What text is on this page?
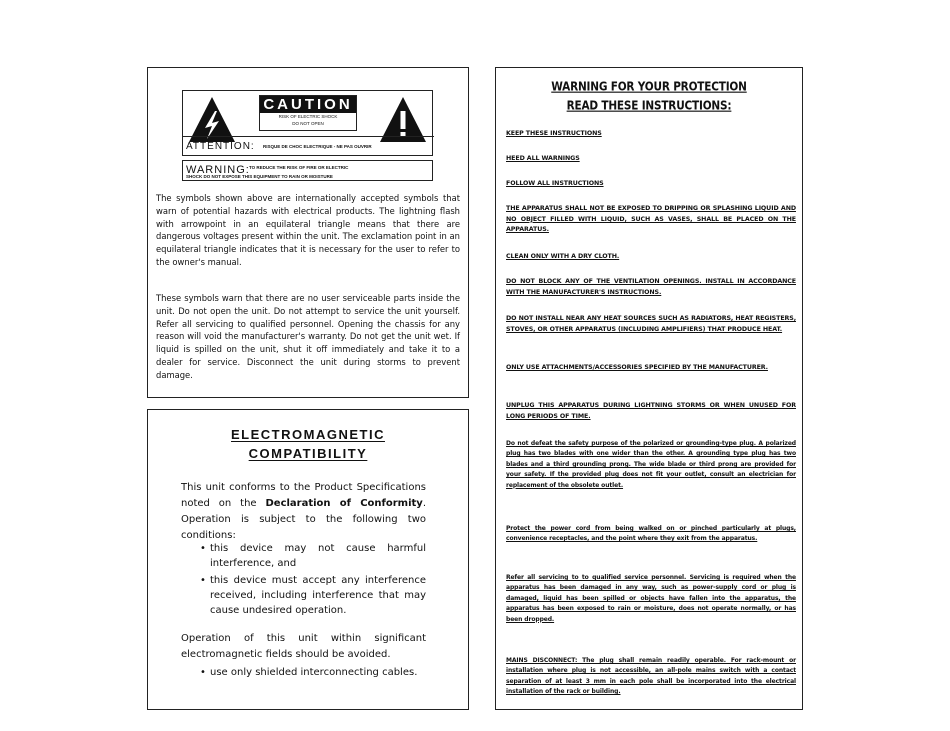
CAUTION
RISK OF ELECTRIC SHOCK
DO NOT OPEN
ATTENTION: RISQUE DE CHOC ELECTRIQUE - NE PAS OUVRIR
WARNING: TO REDUCE THE RISK OF FIRE OR ELECTRIC
SHOCK DO NOT EXPOSE THIS EQUIPMENT TO RAIN OR MOISTURE

The symbols shown above are internationally accepted symbols that warn of potential hazards with electrical products. The lightning flash with arrowpoint in an equilateral triangle means that there are dangerous voltages present within the unit. The exclamation point in an equilateral triangle indicates that it is necessary for the user to refer to the owner's manual.

These symbols warn that there are no user serviceable parts inside the unit. Do not open the unit. Do not attempt to service the unit yourself. Refer all servicing to qualified personnel. Opening the chassis for any reason will void the manufacturer's warranty. Do not get the unit wet. If liquid is spilled on the unit, shut it off immediately and take it to a dealer for service. Disconnect the unit during storms to prevent damage.

ELECTROMAGNETIC
COMPATIBILITY

This unit conforms to the Product Specifications noted on the Declaration of Conformity. Operation is subject to the following two conditions:

• this device may not cause harmful interference, and
• this device must accept any interference received, including interference that may cause undesired operation.

Operation of this unit within significant electromagnetic fields should be avoided.

• use only shielded interconnecting cables.
WARNING FOR YOUR PROTECTION
READ THESE INSTRUCTIONS:

KEEP THESE INSTRUCTIONS

HEED ALL WARNINGS

FOLLOW ALL INSTRUCTIONS

THE APPARATUS SHALL NOT BE EXPOSED TO DRIPPING OR SPLASHING LIQUID AND NO OBJECT FILLED WITH LIQUID, SUCH AS VASES, SHALL BE PLACED ON THE APPARATUS.

CLEAN ONLY WITH A DRY CLOTH.

DO NOT BLOCK ANY OF THE VENTILATION OPENINGS. INSTALL IN ACCORDANCE WITH THE MANUFACTURER'S INSTRUCTIONS.

DO NOT INSTALL NEAR ANY HEAT SOURCES SUCH AS RADIATORS, HEAT REGISTERS, STOVES, OR OTHER APPARATUS (INCLUDING AMPLIFIERS) THAT PRODUCE HEAT.

ONLY USE ATTACHMENTS/ACCESSORIES SPECIFIED BY THE MANUFACTURER.

UNPLUG THIS APPARATUS DURING LIGHTNING STORMS OR WHEN UNUSED FOR LONG PERIODS OF TIME.

Do not defeat the safety purpose of the polarized or grounding-type plug. A polarized plug has two blades with one wider than the other. A grounding type plug has two blades and a third grounding prong. The wide blade or third prong are provided for your safety. If the provided plug does not fit your outlet, consult an electrician for replacement of the obsolete outlet.

Protect the power cord from being walked on or pinched particularly at plugs, convenience receptacles, and the point where they exit from the apparatus.

Refer all servicing to to qualified service personnel. Servicing is required when the apparatus has been damaged in any way, such as power-supply cord or plug is damaged, liquid has been spilled or objects have fallen into the apparatus, the apparatus has been exposed to rain or moisture, does not operate normally, or has been dropped.

MAINS DISCONNECT: The plug shall remain readily operable. For rack-mount or installation where plug is not accessible, an all-pole mains switch with a contact separation of at least 3 mm in each pole shall be incorporated into the electrical installation of the rack or building.
